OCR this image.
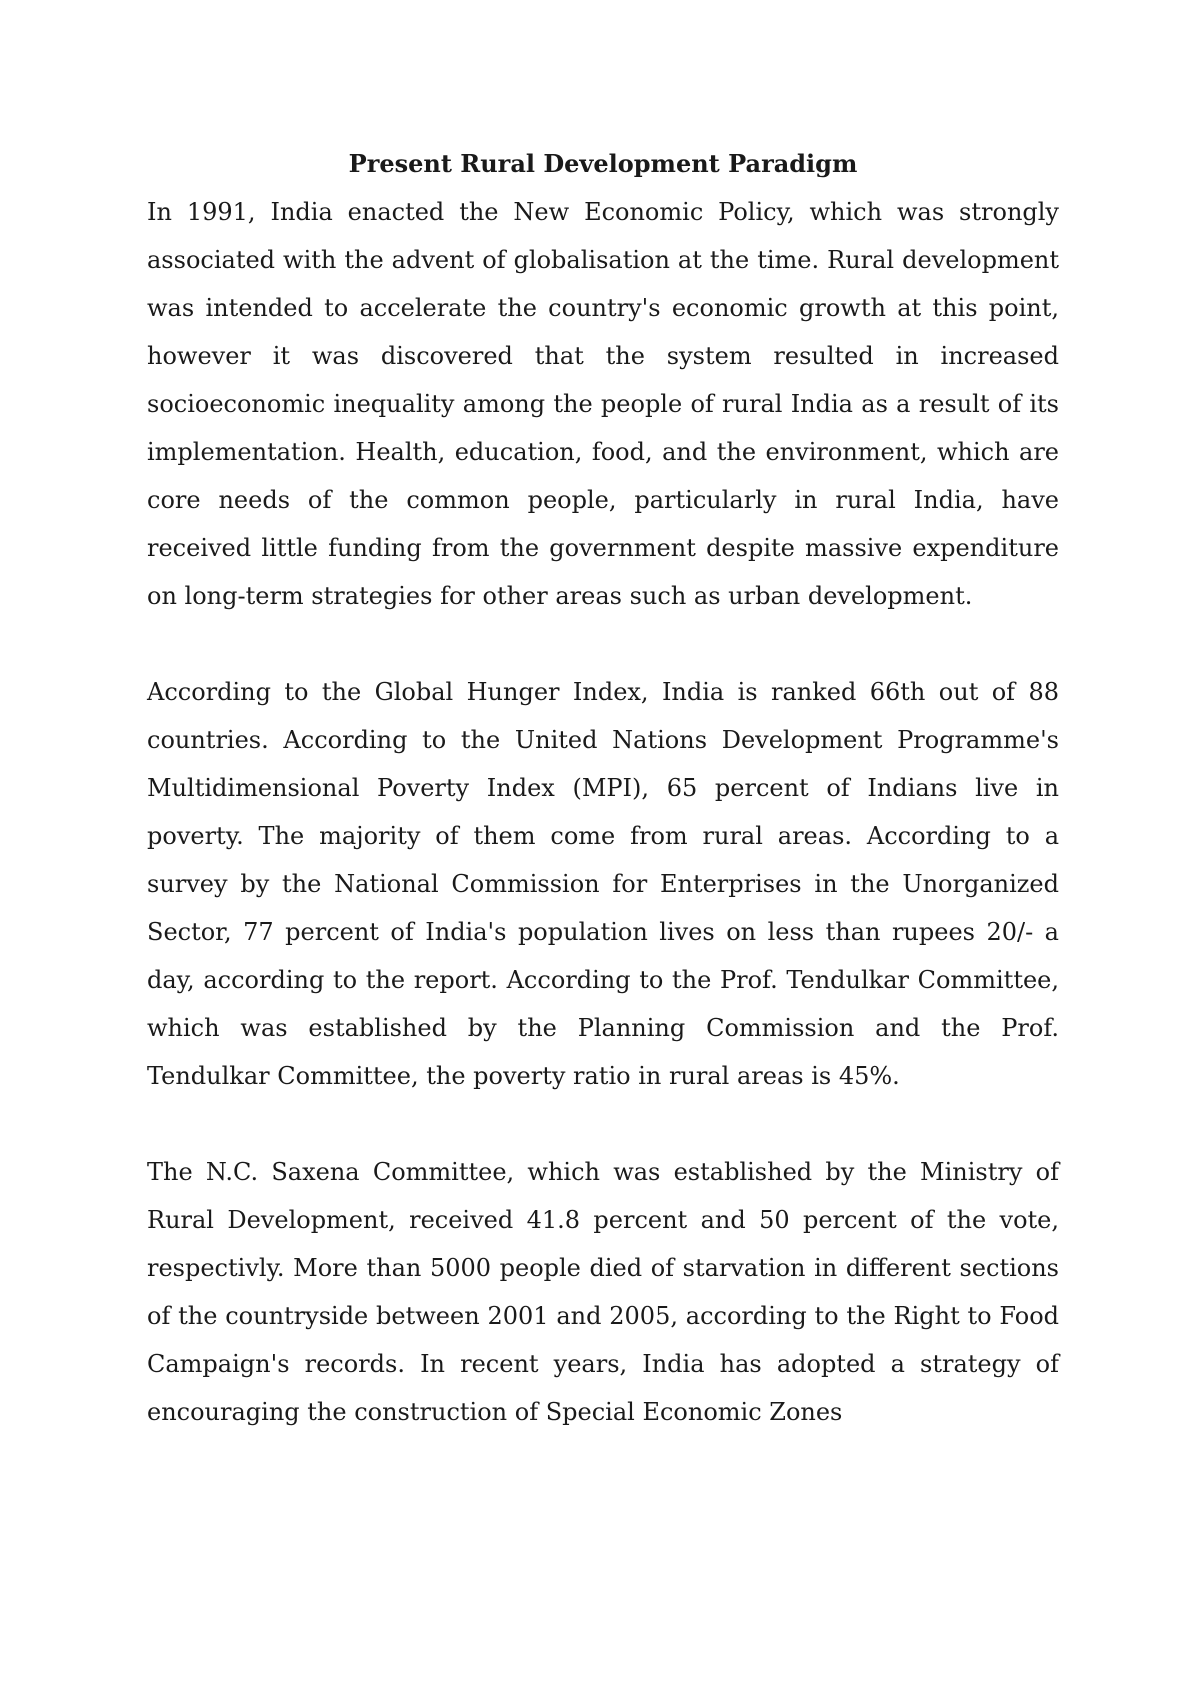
Present Rural Development Paradigm

In 1991, India enacted the New Economic Policy, which was strongly associated with the advent of globalisation at the time. Rural development was intended to accelerate the country's economic growth at this point, however it was discovered that the system resulted in increased socioeconomic inequality among the people of rural India as a result of its implementation. Health, education, food, and the environment, which are core needs of the common people, particularly in rural India, have received little funding from the government despite massive expenditure on long-term strategies for other areas such as urban development.

According to the Global Hunger Index, India is ranked 66th out of 88 countries. According to the United Nations Development Programme's Multidimensional Poverty Index (MPI), 65 percent of Indians live in poverty. The majority of them come from rural areas. According to a survey by the National Commission for Enterprises in the Unorganized Sector, 77 percent of India's population lives on less than rupees 20/- a day, according to the report. According to the Prof. Tendulkar Committee, which was established by the Planning Commission and the Prof. Tendulkar Committee, the poverty ratio in rural areas is 45%.

The N.C. Saxena Committee, which was established by the Ministry of Rural Development, received 41.8 percent and 50 percent of the vote, respectivly. More than 5000 people died of starvation in different sections of the countryside between 2001 and 2005, according to the Right to Food Campaign's records. In recent years, India has adopted a strategy of encouraging the construction of Special Economic Zones
